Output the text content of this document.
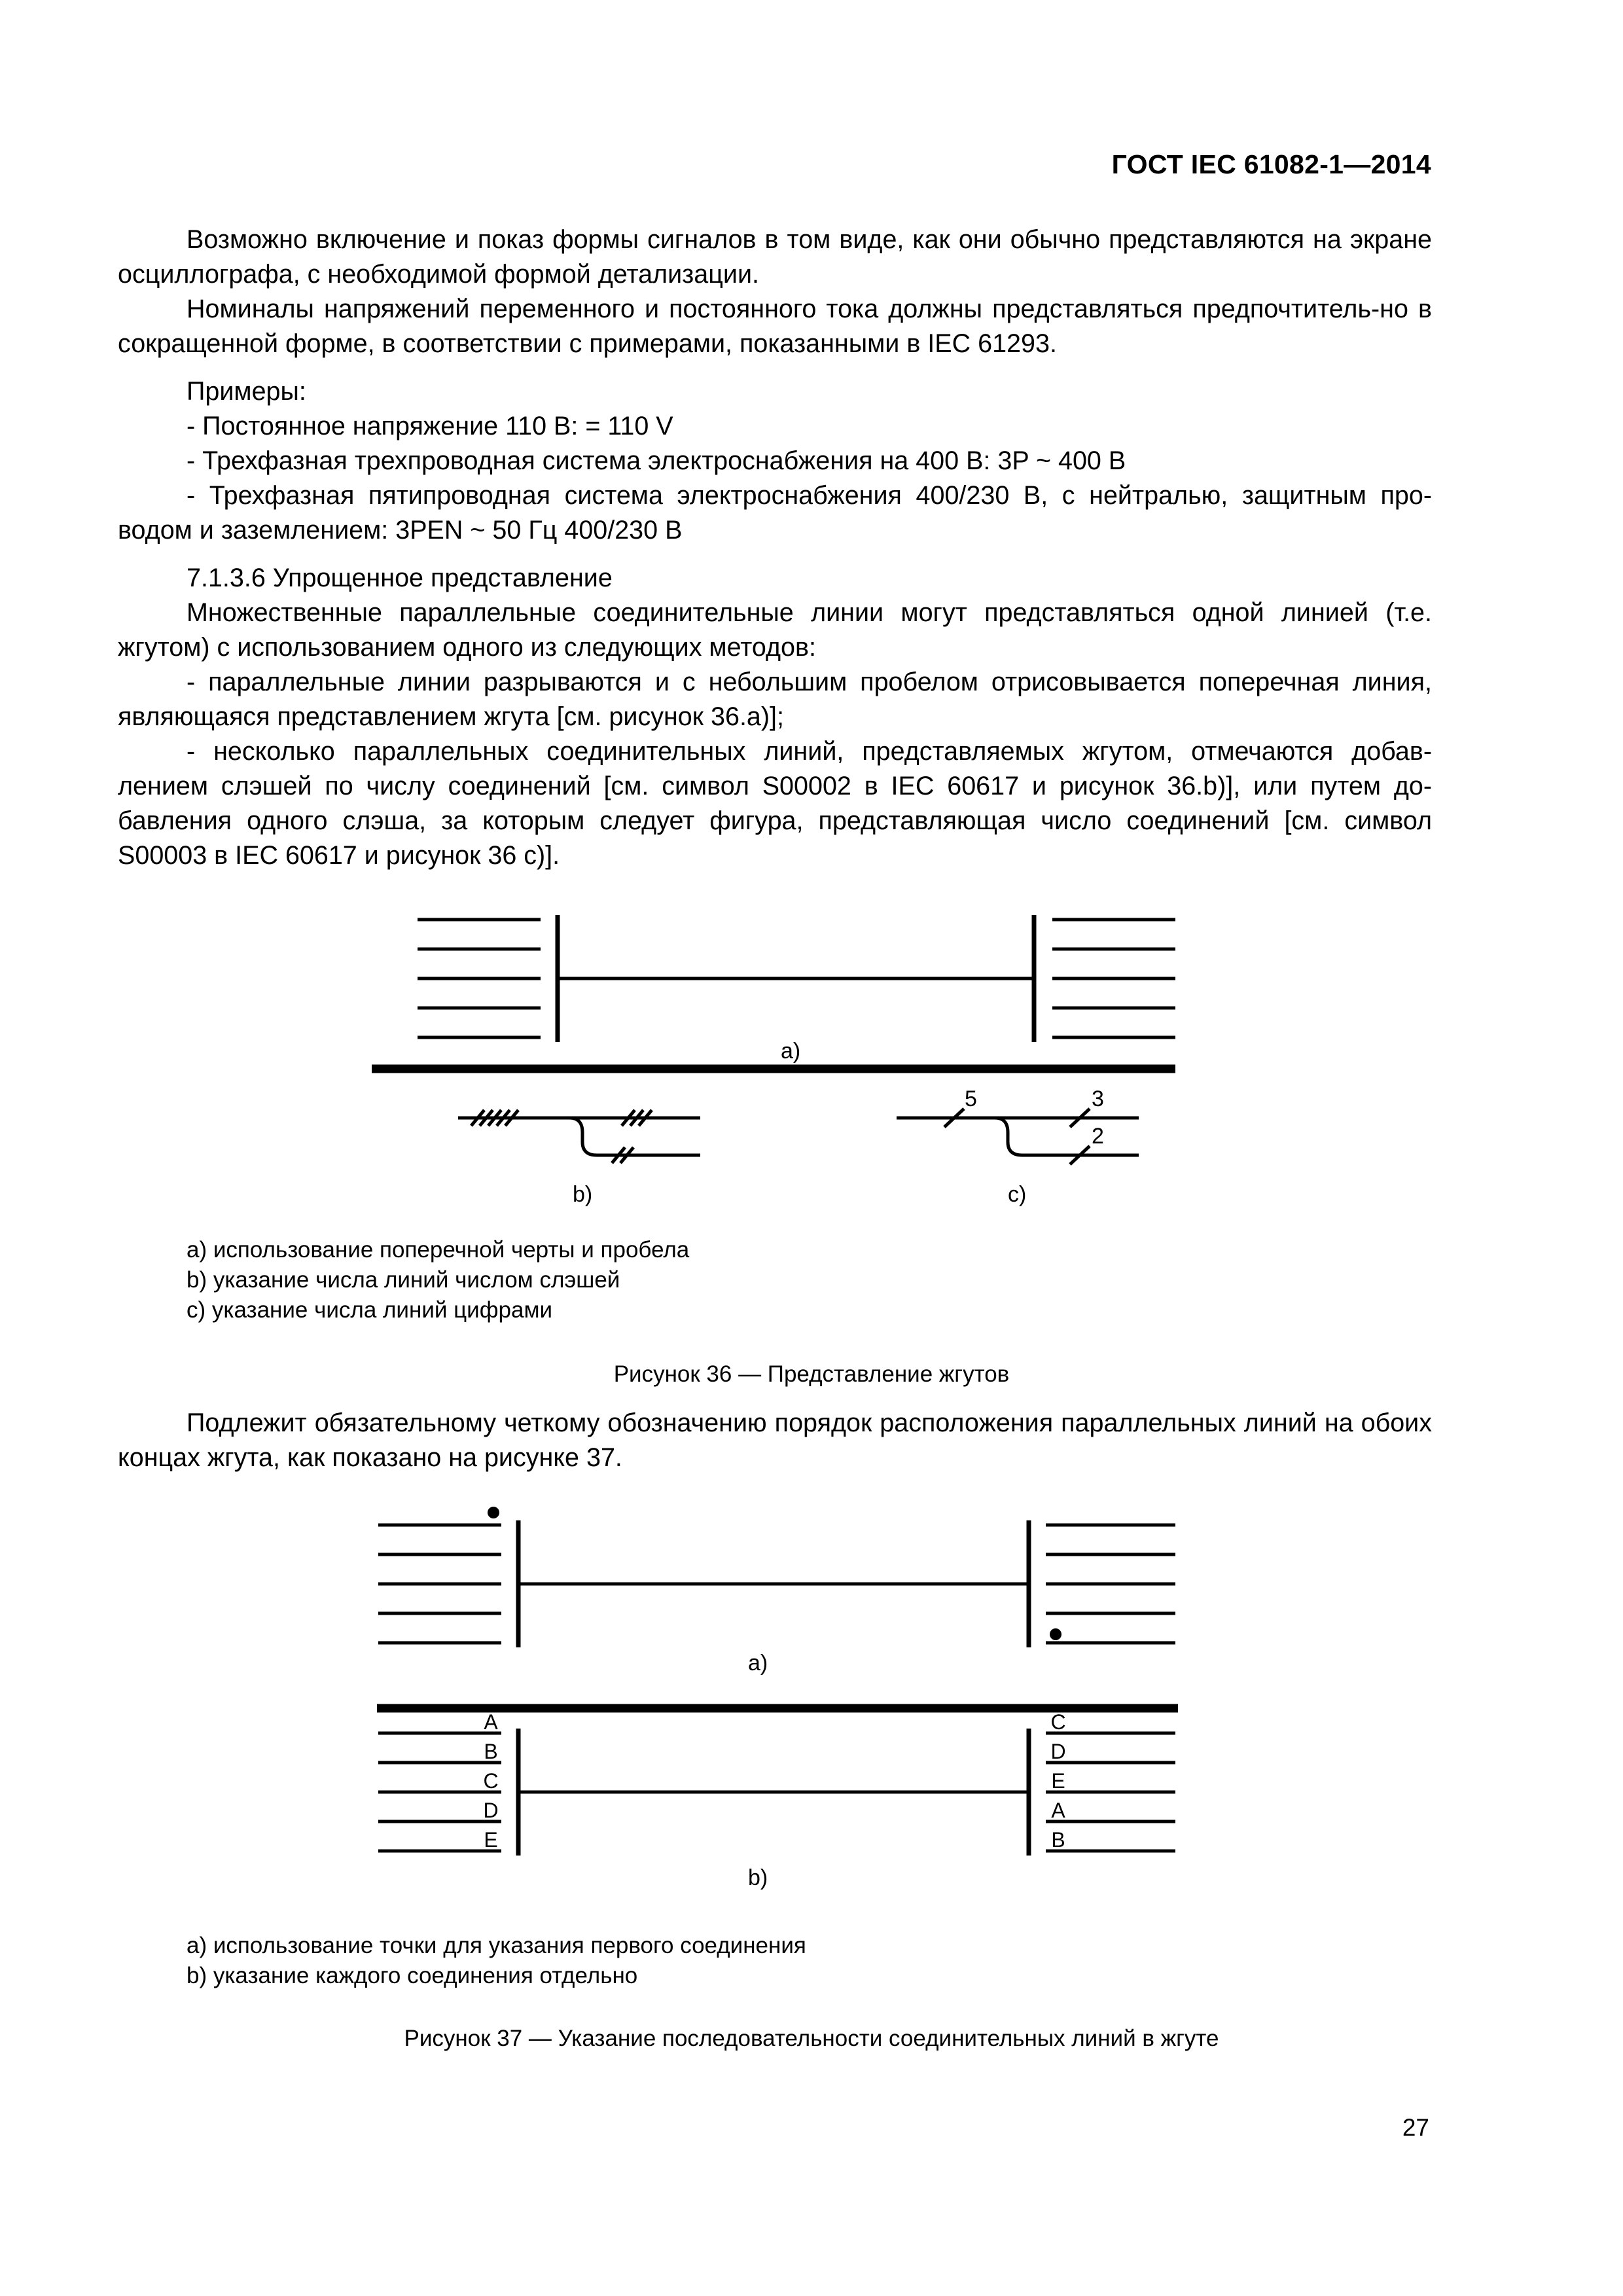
ГОСТ IEC 61082-1—2014

Возможно включение и показ формы сигналов в том виде, как они обычно представляются на экране осциллографа, с необходимой формой детализации.

Номиналы напряжений переменного и постоянного тока должны представляться предпочтитель-но в сокращенной форме, в соответствии с примерами, показанными в IEC 61293.

Примеры:

- Постоянное напряжение 110 В: = 110 V

- Трехфазная трехпроводная система электроснабжения на 400 В: 3P ~ 400 В

- Трехфазная пятипроводная система электроснабжения 400/230 В, с нейтралью, защитным про-водом и заземлением: 3PEN ~ 50 Гц 400/230 В

7.1.3.6 Упрощенное представление

Множественные параллельные соединительные линии могут представляться одной линией (т.е. жгутом) с использованием одного из следующих методов:

- параллельные линии разрываются и с небольшим пробелом отрисовывается поперечная линия, являющаяся представлением жгута [см. рисунок 36.а)];

- несколько параллельных соединительных линий, представляемых жгутом, отмечаются добав-лением слэшей по числу соединений [см. символ S00002 в IEC 60617 и рисунок 36.b)], или путем до-бавления одного слэша, за которым следует фигура, представляющая число соединений [см. символ S00003 в IEC 60617 и рисунок 36 c)].

a)
b)	c)
5	3
2
а) использование поперечной черты и пробела
b) указание числа линий числом слэшей
c) указание числа линий цифрами
Рисунок 36 — Представление жгутов

Подлежит обязательному четкому обозначению порядок расположения параллельных линий на обоих концах жгута, как показано на рисунке 37.

a)
b)
A
B
C
D
E
C
D
E
A
B
a) использование точки для указания первого соединения
b) указание каждого соединения отдельно
Рисунок 37 — Указание последовательности соединительных линий в жгуте
27
